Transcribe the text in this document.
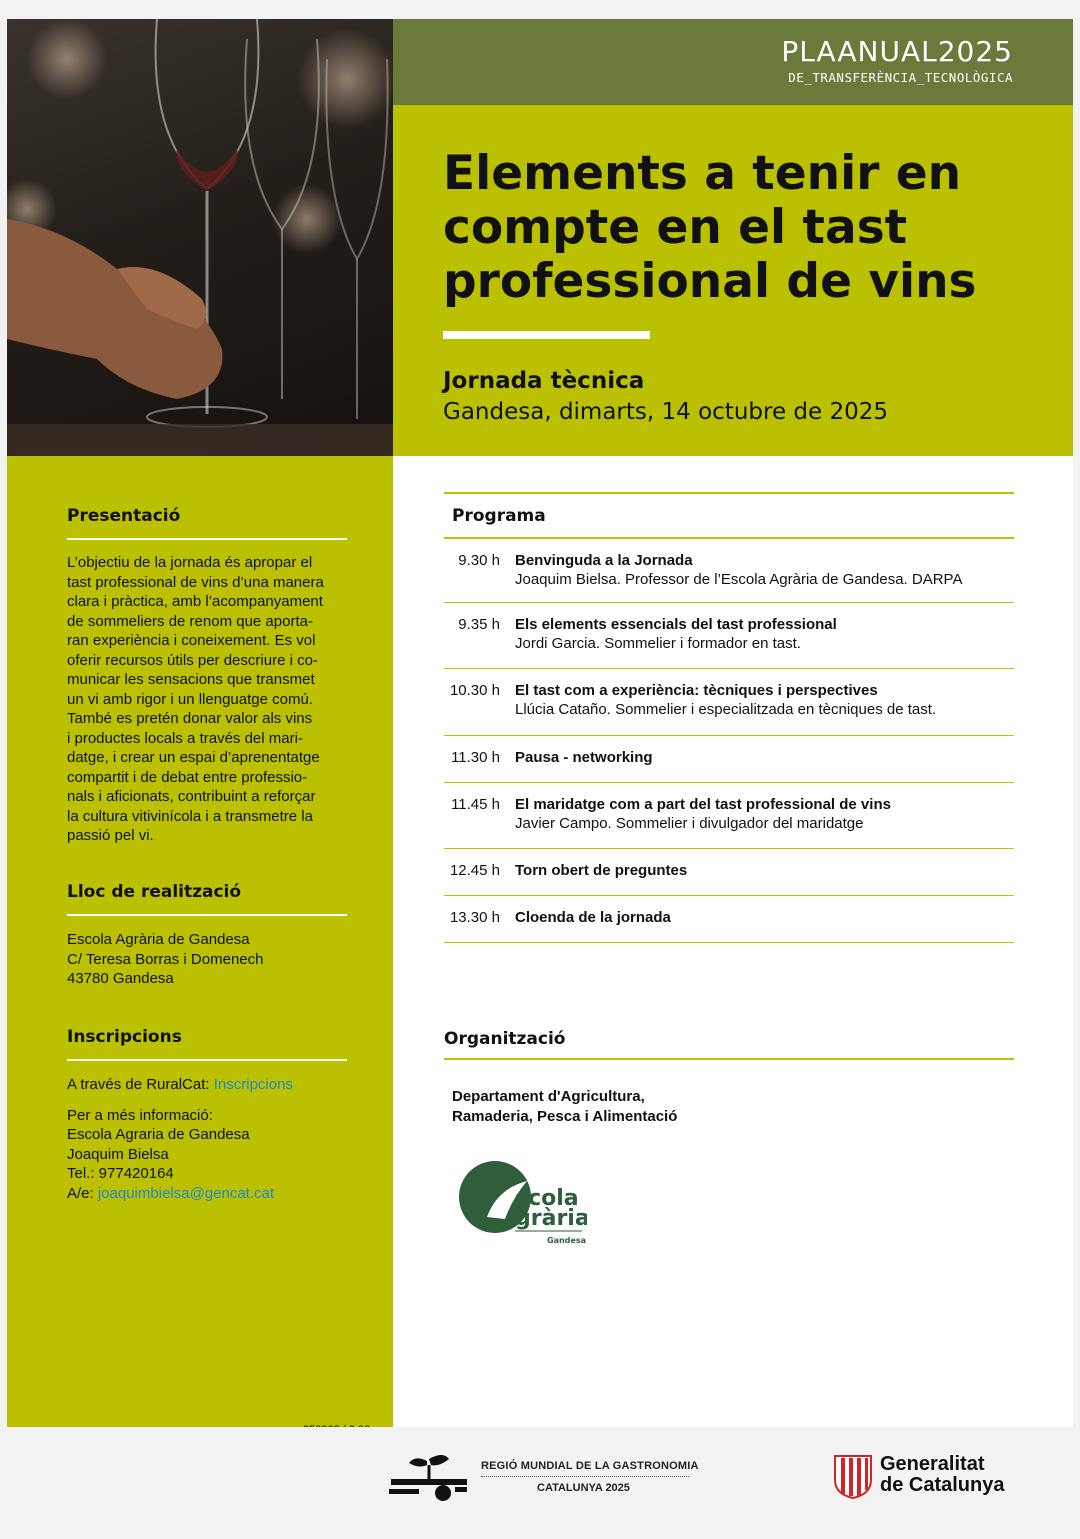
PLAANUAL2025
DE_TRANSFERÈNCIA_TECNOLÒGICA
Elements a tenir en compte en el tast professional de vins
Jornada tècnica
Gandesa, dimarts, 14 octubre de 2025
Presentació
L’objectiu de la jornada és apropar el
tast professional de vins d’una manera
clara i pràctica, amb l’acompanyament
de sommeliers de renom que aporta-
ran experiència i coneixement. Es vol
oferir recursos útils per descriure i co-
municar les sensacions que transmet
un vi amb rigor i un llenguatge comú.
També es pretén donar valor als vins
i productes locals a través del mari-
datge, i crear un espai d’aprenentatge
compartit i de debat entre professio-
nals i aficionats, contribuint a reforçar
la cultura vitivinícola i a transmetre la
passió pel vi.
Lloc de realització
Escola Agrària de Gandesa
C/ Teresa Borras i Domenech
43780 Gandesa
Inscripcions
A través de RuralCat: Inscripcions
Per a més informació:
Escola Agraria de Gandesa
Joaquim Bielsa
Tel.: 977420164
A/e: joaquimbielsa@gencat.cat
Programa
9.30 h Benvinguda a la Jornada
Joaquim Bielsa. Professor de l’Escola Agrària de Gandesa. DARPA
9.35 h Els elements essencials del tast professional
Jordi Garcia. Sommelier i formador en tast.
10.30 h El tast com a experiència: tècniques i perspectives
Llúcia Cataño. Sommelier i especialitzada en tècniques de tast.
11.30 h Pausa - networking
11.45 h El maridatge com a part del tast professional de vins
Javier Campo. Sommelier i divulgador del maridatge
12.45 h Torn obert de preguntes
13.30 h Cloenda de la jornada
Organització
Departament d'Agricultura,
Ramaderia, Pesca i Alimentació
scola
grària
Gandesa
REGIÓ MUNDIAL DE LA GASTRONOMIA
CATALUNYA 2025
Generalitat
de Catalunya
